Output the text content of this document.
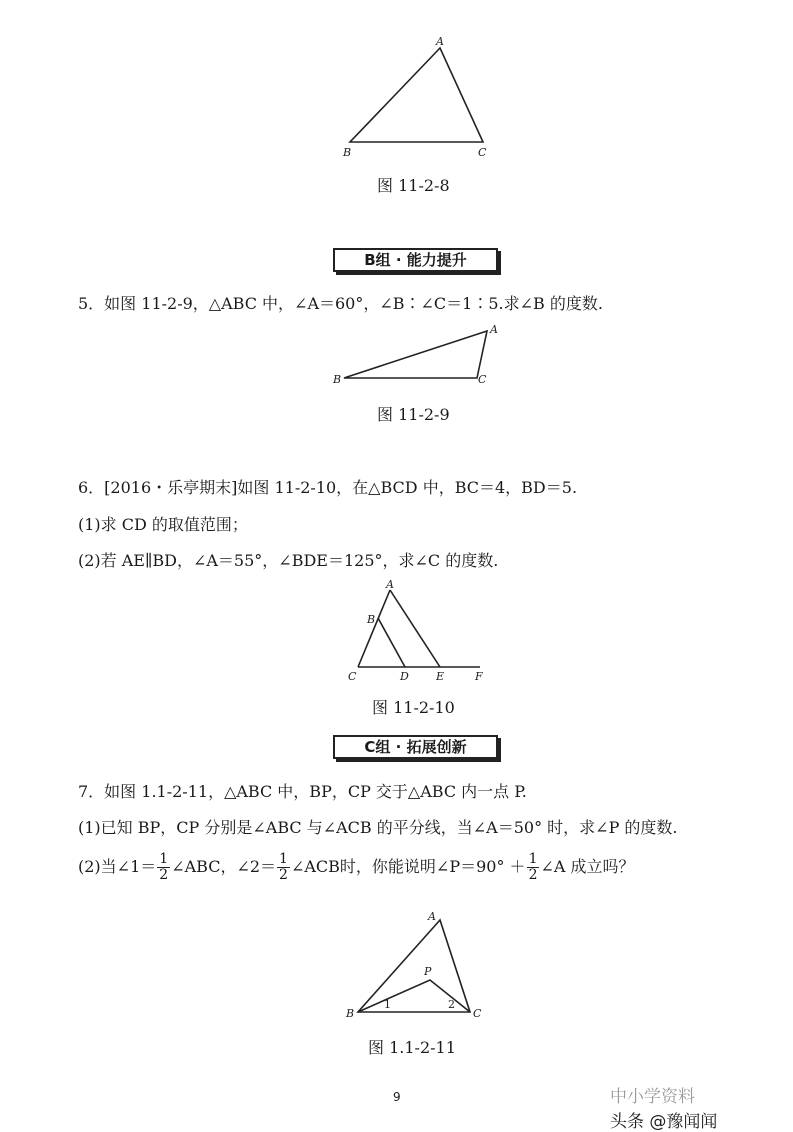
A
B	C
图 11-2-8
B组 · 能力提升
5．如图 11-2-9，△ABC 中，∠A＝60°，∠B∶∠C＝1∶5.求∠B 的度数.
A
B	C
图 11-2-9
6．[2016・乐亭期末]如图 11-2-10，在△BCD 中，BC＝4，BD＝5.
(1)求 CD 的取值范围；
(2)若 AE∥BD，∠A＝55°，∠BDE＝125°，求∠C 的度数.
A
B
C	D E	F
图 11-2-10
C组 · 拓展创新
7．如图 1.1-2-11，△ABC 中，BP，CP 交于△ABC 内一点 P.
(1)已知 BP，CP 分别是∠ABC 与∠ACB 的平分线，当∠A＝50° 时，求∠P 的度数.
(2)当∠1＝ $\frac{1}{2}$ ∠ABC，∠2＝ $\frac{1}{2}$ ∠ACB时，你能说明∠P＝90° ＋ $\frac{1}{2}$ ∠A 成立吗？
A
P
B	C
1	2
图 1.1-2-11
9	中小学资料
头条 @豫闻闻
